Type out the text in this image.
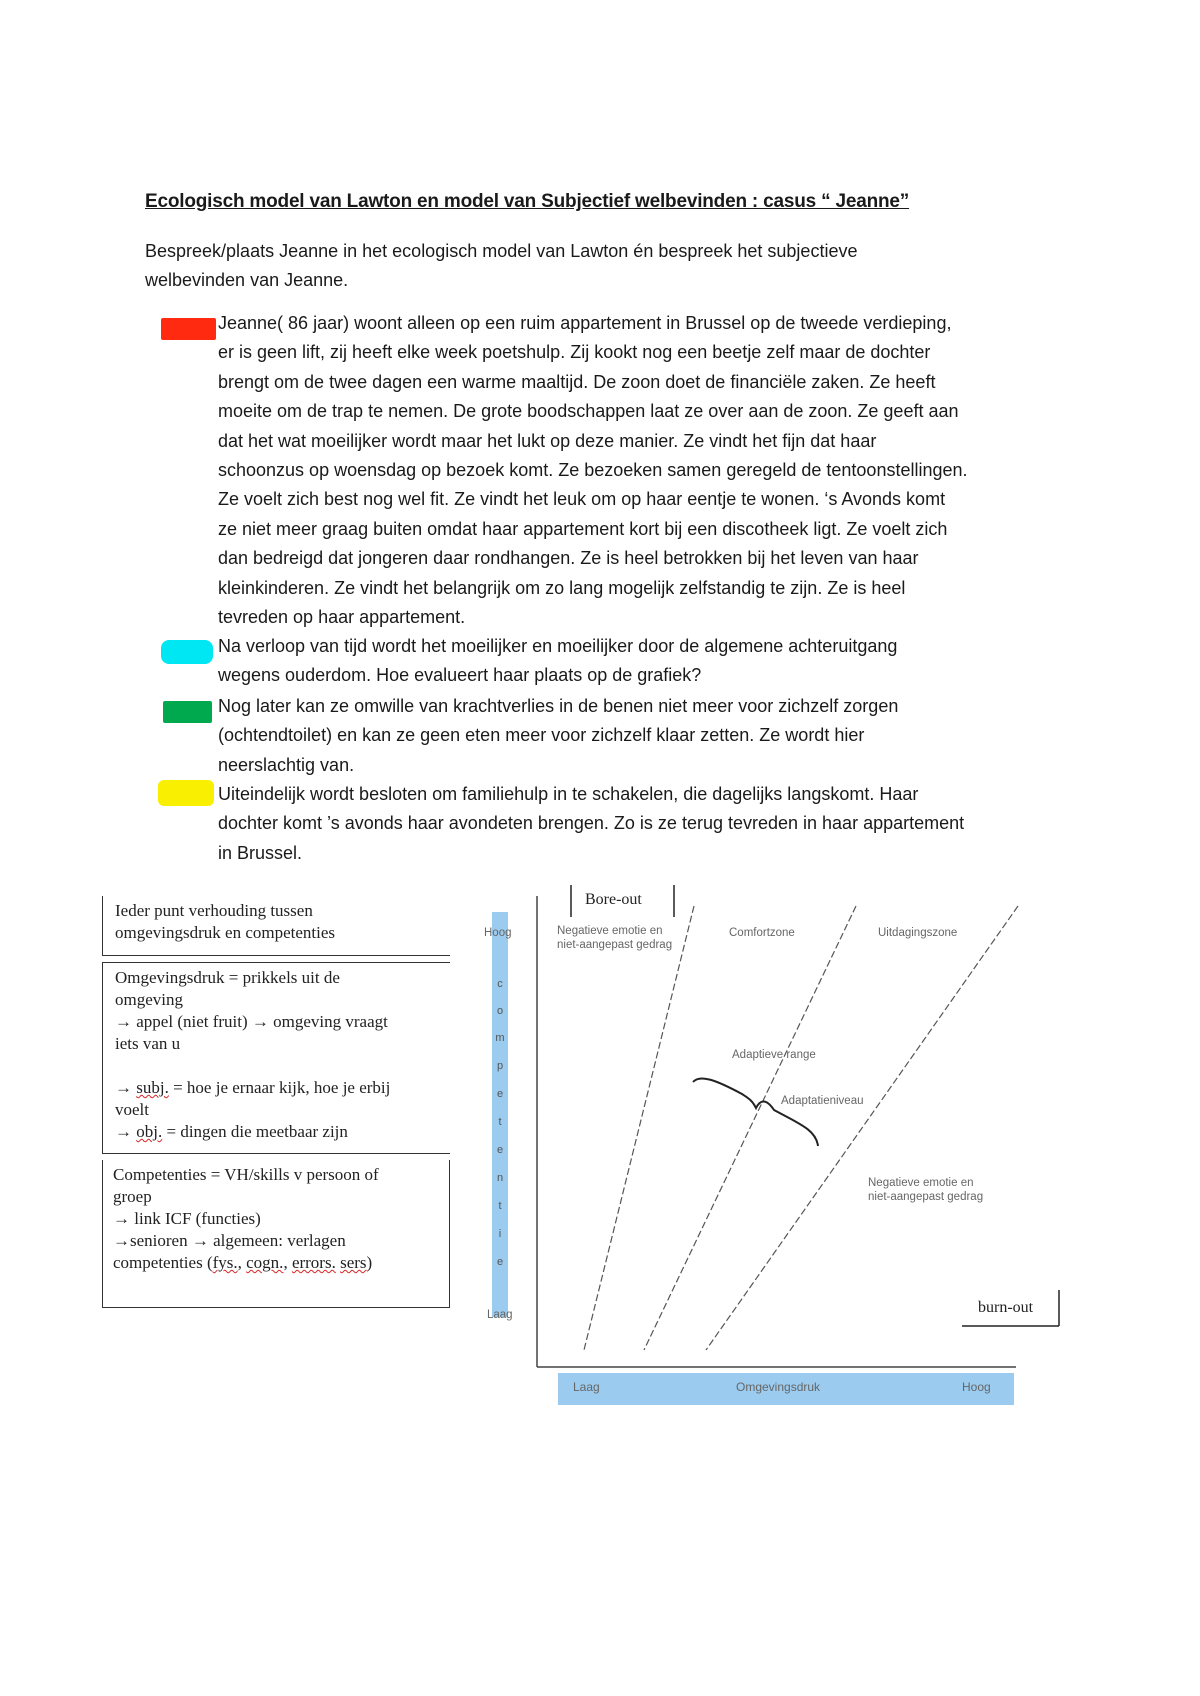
Ecologisch model van Lawton en model van Subjectief welbevinden : casus “ Jeanne”
Bespreek/plaats Jeanne in het ecologisch model van Lawton én bespreek het subjectieve
welbevinden van Jeanne.
Jeanne( 86 jaar) woont alleen op een ruim appartement in Brussel op de tweede verdieping,
er is geen lift, zij heeft elke week poetshulp. Zij kookt nog een beetje zelf maar de dochter
brengt om de twee dagen een warme maaltijd. De zoon doet de financiële zaken. Ze heeft
moeite om de trap te nemen. De grote boodschappen laat ze over aan de zoon. Ze geeft aan
dat het wat moeilijker wordt maar het lukt op deze manier. Ze vindt het fijn dat haar
schoonzus op woensdag op bezoek komt. Ze bezoeken samen geregeld de tentoonstellingen.
Ze voelt zich best nog wel fit. Ze vindt het leuk om op haar eentje te wonen. ‘s Avonds komt
ze niet meer graag buiten omdat haar appartement kort bij een discotheek ligt. Ze voelt zich
dan bedreigd dat jongeren daar rondhangen. Ze is heel betrokken bij het leven van haar
kleinkinderen. Ze vindt het belangrijk om zo lang mogelijk zelfstandig te zijn. Ze is heel
tevreden op haar appartement.
Na verloop van tijd wordt het moeilijker en moeilijker door de algemene achteruitgang
wegens ouderdom. Hoe evalueert haar plaats op de grafiek?
Nog later kan ze omwille van krachtverlies in de benen niet meer voor zichzelf zorgen
(ochtendtoilet) en kan ze geen eten meer voor zichzelf klaar zetten. Ze wordt hier
neerslachtig van.
Uiteindelijk wordt besloten om familiehulp in te schakelen, die dagelijks langskomt. Haar
dochter komt ’s avonds haar avondeten brengen. Zo is ze terug tevreden in haar appartement
in Brussel.
Ieder punt verhouding tussen
omgevingsdruk en competenties
Omgevingsdruk = prikkels uit de
omgeving
→ appel (niet fruit) → omgeving vraagt
iets van u
→ subj. = hoe je ernaar kijk, hoe je erbij
voelt
→ obj. = dingen die meetbaar zijn
Competenties = VH/skills v persoon of
groep
→ link ICF (functies)
→senioren → algemeen: verlagen
competenties (fys., cogn., errors. sers)
Hoog
Laag
c
o
m
p
e
t
e
n
t
i
e
Bore-out
burn-out
Negatieve emotie en
niet-aangepast gedrag
Comfortzone	Uitdagingszone
Adaptieve range
Adaptatieniveau
Negatieve emotie en
niet-aangepast gedrag
Laag	Omgevingsdruk	Hoog
